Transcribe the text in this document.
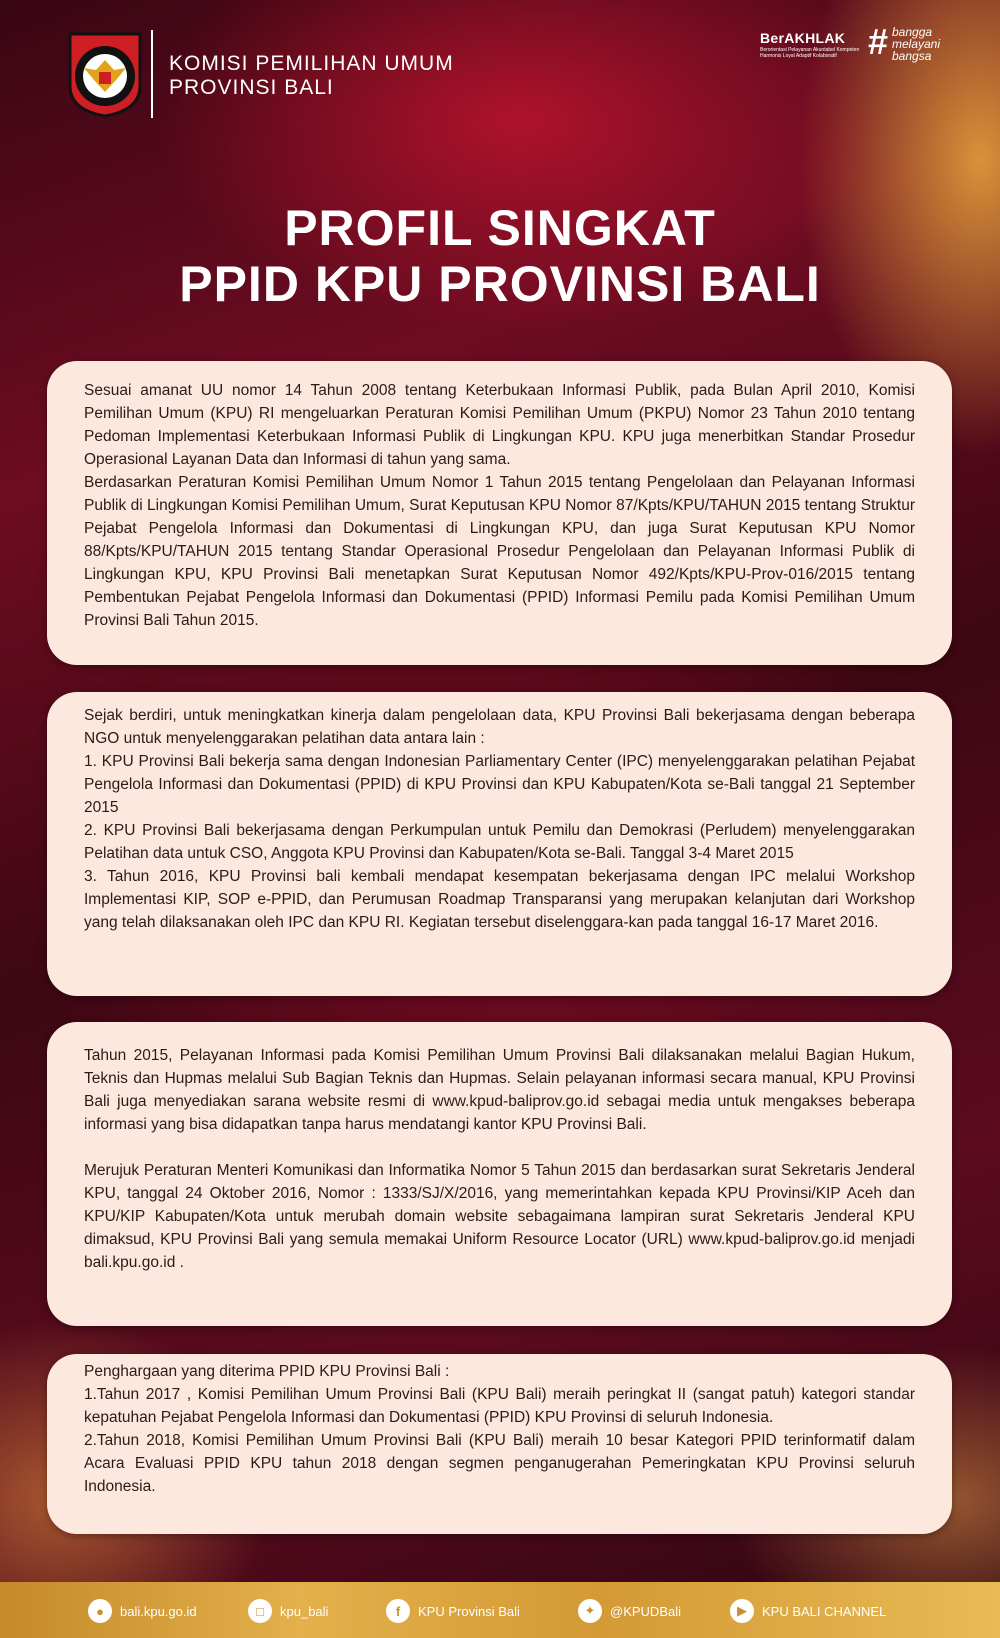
KOMISI PEMILIHAN UMUM
PROVINSI BALI
BerAKHLAK
Berorientasi Pelayanan Akuntabel Kompeten Harmonis Loyal Adaptif Kolaboratif # bangga
melayani
bangsa
PROFIL SINGKAT
PPID KPU PROVINSI BALI

Sesuai amanat UU nomor 14 Tahun 2008 tentang Keterbukaan Informasi Publik, pada Bulan April 2010, Komisi Pemilihan Umum (KPU) RI mengeluarkan Peraturan Komisi Pemilihan Umum (PKPU) Nomor 23 Tahun 2010 tentang Pedoman Implementasi Keterbukaan Informasi Publik di Lingkungan KPU. KPU juga menerbitkan Standar Prosedur Operasional Layanan Data dan Informasi di tahun yang sama.

Berdasarkan Peraturan Komisi Pemilihan Umum Nomor 1 Tahun 2015 tentang Pengelolaan dan Pelayanan Informasi Publik di Lingkungan Komisi Pemilihan Umum, Surat Keputusan KPU Nomor 87/Kpts/KPU/TAHUN 2015 tentang Struktur Pejabat Pengelola Informasi dan Dokumentasi di Lingkungan KPU, dan juga Surat Keputusan KPU Nomor 88/Kpts/KPU/TAHUN 2015 tentang Standar Operasional Prosedur Pengelolaan dan Pelayanan Informasi Publik di Lingkungan KPU, KPU Provinsi Bali menetapkan Surat Keputusan Nomor 492/Kpts/KPU-Prov-016/2015 tentang Pembentukan Pejabat Pengelola Informasi dan Dokumentasi (PPID) Informasi Pemilu pada Komisi Pemilihan Umum Provinsi Bali Tahun 2015.

Sejak berdiri, untuk meningkatkan kinerja dalam pengelolaan data, KPU Provinsi Bali bekerjasama dengan beberapa NGO untuk menyelenggarakan pelatihan data antara lain :

1. KPU Provinsi Bali bekerja sama dengan Indonesian Parliamentary Center (IPC) menyelenggarakan pelatihan Pejabat Pengelola Informasi dan Dokumentasi (PPID) di KPU Provinsi dan KPU Kabupaten/Kota se-Bali tanggal 21 September 2015

2. KPU Provinsi Bali bekerjasama dengan Perkumpulan untuk Pemilu dan Demokrasi (Perludem) menyelenggarakan Pelatihan data untuk CSO, Anggota KPU Provinsi dan Kabupaten/Kota se-Bali. Tanggal 3-4 Maret 2015

3. Tahun 2016, KPU Provinsi bali kembali mendapat kesempatan bekerjasama dengan IPC melalui Workshop Implementasi KIP, SOP e-PPID, dan Perumusan Roadmap Transparansi yang merupakan kelanjutan dari Workshop yang telah dilaksanakan oleh IPC dan KPU RI. Kegiatan tersebut diselenggara-kan pada tanggal 16-17 Maret 2016.

Tahun 2015, Pelayanan Informasi pada Komisi Pemilihan Umum Provinsi Bali dilaksanakan melalui Bagian Hukum, Teknis dan Hupmas melalui Sub Bagian Teknis dan Hupmas. Selain pelayanan informasi secara manual, KPU Provinsi Bali juga menyediakan sarana website resmi di www.kpud-baliprov.go.id sebagai media untuk mengakses beberapa informasi yang bisa didapatkan tanpa harus mendatangi kantor KPU Provinsi Bali.

Merujuk Peraturan Menteri Komunikasi dan Informatika Nomor 5 Tahun 2015 dan berdasarkan surat Sekretaris Jenderal KPU, tanggal 24 Oktober 2016, Nomor : 1333/SJ/X/2016, yang memerintahkan kepada KPU Provinsi/KIP Aceh dan KPU/KIP Kabupaten/Kota untuk merubah domain website sebagaimana lampiran surat Sekretaris Jenderal KPU dimaksud, KPU Provinsi Bali yang semula memakai Uniform Resource Locator (URL) www.kpud-baliprov.go.id menjadi bali.kpu.go.id .

Penghargaan yang diterima PPID KPU Provinsi Bali :

1.Tahun 2017 , Komisi Pemilihan Umum Provinsi Bali (KPU Bali) meraih peringkat II (sangat patuh) kategori standar kepatuhan Pejabat Pengelola Informasi dan Dokumentasi (PPID) KPU Provinsi di seluruh Indonesia.

2.Tahun 2018, Komisi Pemilihan Umum Provinsi Bali (KPU Bali) meraih 10 besar Kategori PPID terinformatif dalam Acara Evaluasi PPID KPU tahun 2018 dengan segmen penganugerahan Pemeringkatan KPU Provinsi seluruh Indonesia.

●	bali.kpu.go.id	□	kpu_bali	f	KPU Provinsi Bali	✦	@KPUDBali	▶	KPU BALI CHANNEL
